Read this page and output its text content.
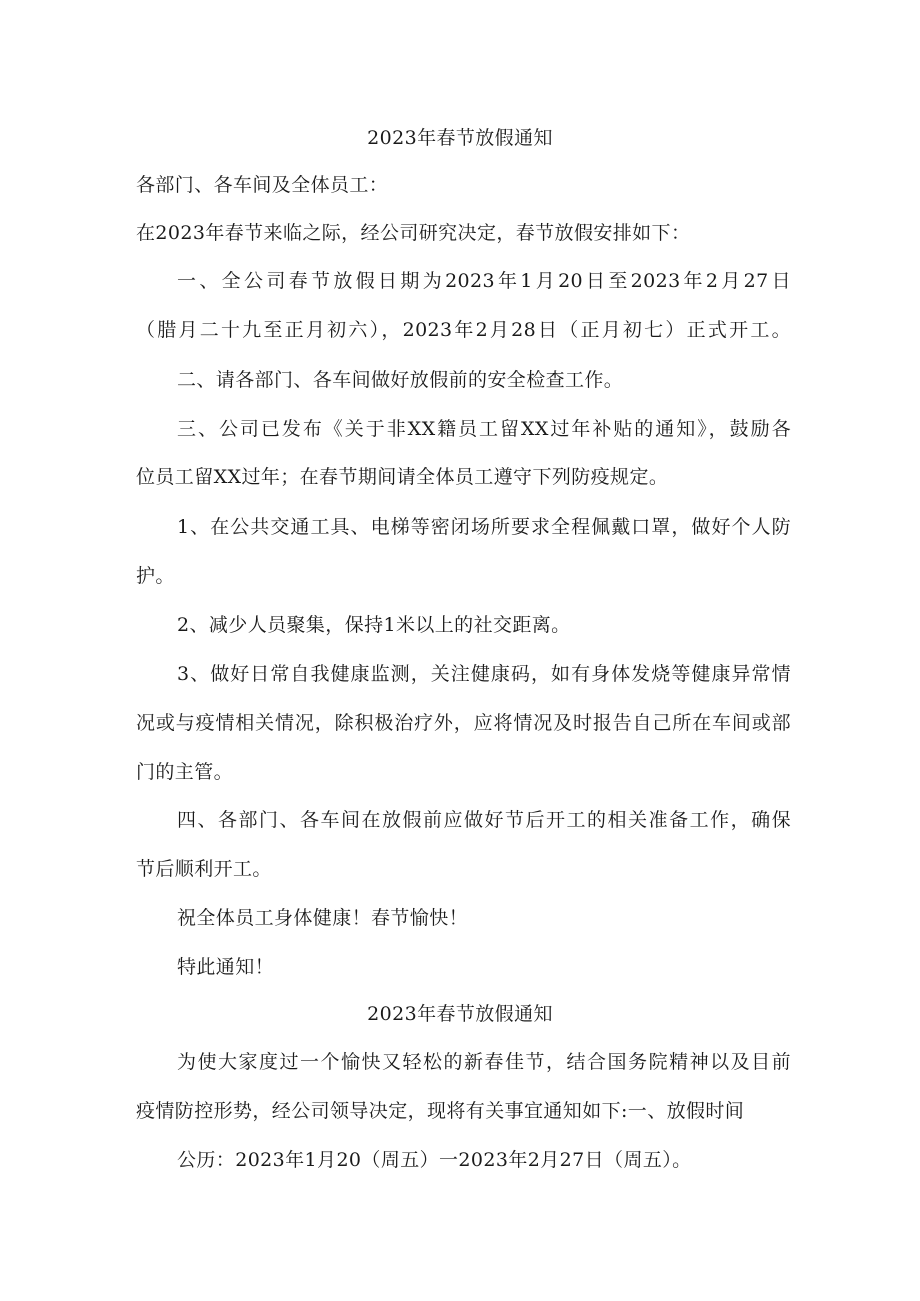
2023年春节放假通知
各部门、各车间及全体员工：
在2023年春节来临之际，经公司研究决定，春节放假安排如下：
一、全公司春节放假日期为2023年1月20日至2023年2月27日
（腊月二十九至正月初六），2023年2月28日（正月初七）正式开工。
二、请各部门、各车间做好放假前的安全检查工作。
三、公司已发布《关于非XX籍员工留XX过年补贴的通知》，鼓励各
位员工留XX过年；在春节期间请全体员工遵守下列防疫规定。
1、在公共交通工具、电梯等密闭场所要求全程佩戴口罩，做好个人防
护。
2、减少人员聚集，保持1米以上的社交距离。
3、做好日常自我健康监测，关注健康码，如有身体发烧等健康异常情
况或与疫情相关情况，除积极治疗外，应将情况及时报告自己所在车间或部
门的主管。
四、各部门、各车间在放假前应做好节后开工的相关准备工作，确保
节后顺利开工。
祝全体员工身体健康！春节愉快！
特此通知！
2023年春节放假通知
为使大家度过一个愉快又轻松的新春佳节，结合国务院精神以及目前
疫情防控形势，经公司领导决定，现将有关事宜通知如下:一、放假时间
公历：2023年1月20（周五）一2023年2月27日（周五）。
